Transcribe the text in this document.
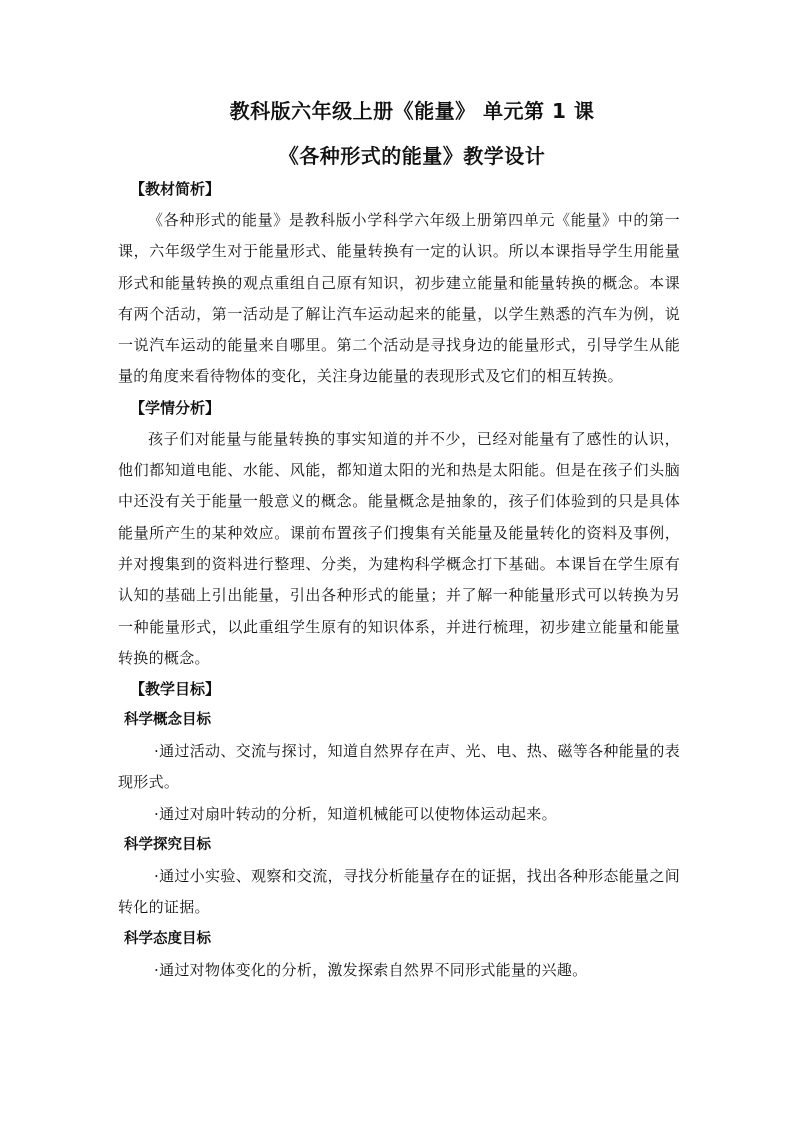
教科版六年级上册《能量》 单元第 1 课
《各种形式的能量》教学设计

【教材简析】

《各种形式的能量》是教科版小学科学六年级上册第四单元《能量》中的第一课，六年级学生对于能量形式、能量转换有一定的认识。所以本课指导学生用能量形式和能量转换的观点重组自己原有知识，初步建立能量和能量转换的概念。本课有两个活动，第一活动是了解让汽车运动起来的能量，以学生熟悉的汽车为例，说一说汽车运动的能量来自哪里。第二个活动是寻找身边的能量形式，引导学生从能量的角度来看待物体的变化，关注身边能量的表现形式及它们的相互转换。

【学情分析】

孩子们对能量与能量转换的事实知道的并不少，已经对能量有了感性的认识，他们都知道电能、水能、风能，都知道太阳的光和热是太阳能。但是在孩子们头脑中还没有关于能量一般意义的概念。能量概念是抽象的，孩子们体验到的只是具体能量所产生的某种效应。课前布置孩子们搜集有关能量及能量转化的资料及事例，并对搜集到的资料进行整理、分类，为建构科学概念打下基础。本课旨在学生原有认知的基础上引出能量，引出各种形式的能量；并了解一种能量形式可以转换为另一种能量形式，以此重组学生原有的知识体系，并进行梳理，初步建立能量和能量转换的概念。

【教学目标】

科学概念目标

·通过活动、交流与探讨，知道自然界存在声、光、电、热、磁等各种能量的表现形式。

·通过对扇叶转动的分析，知道机械能可以使物体运动起来。

科学探究目标

·通过小实验、观察和交流，寻找分析能量存在的证据，找出各种形态能量之间转化的证据。

科学态度目标

·通过对物体变化的分析，激发探索自然界不同形式能量的兴趣。
